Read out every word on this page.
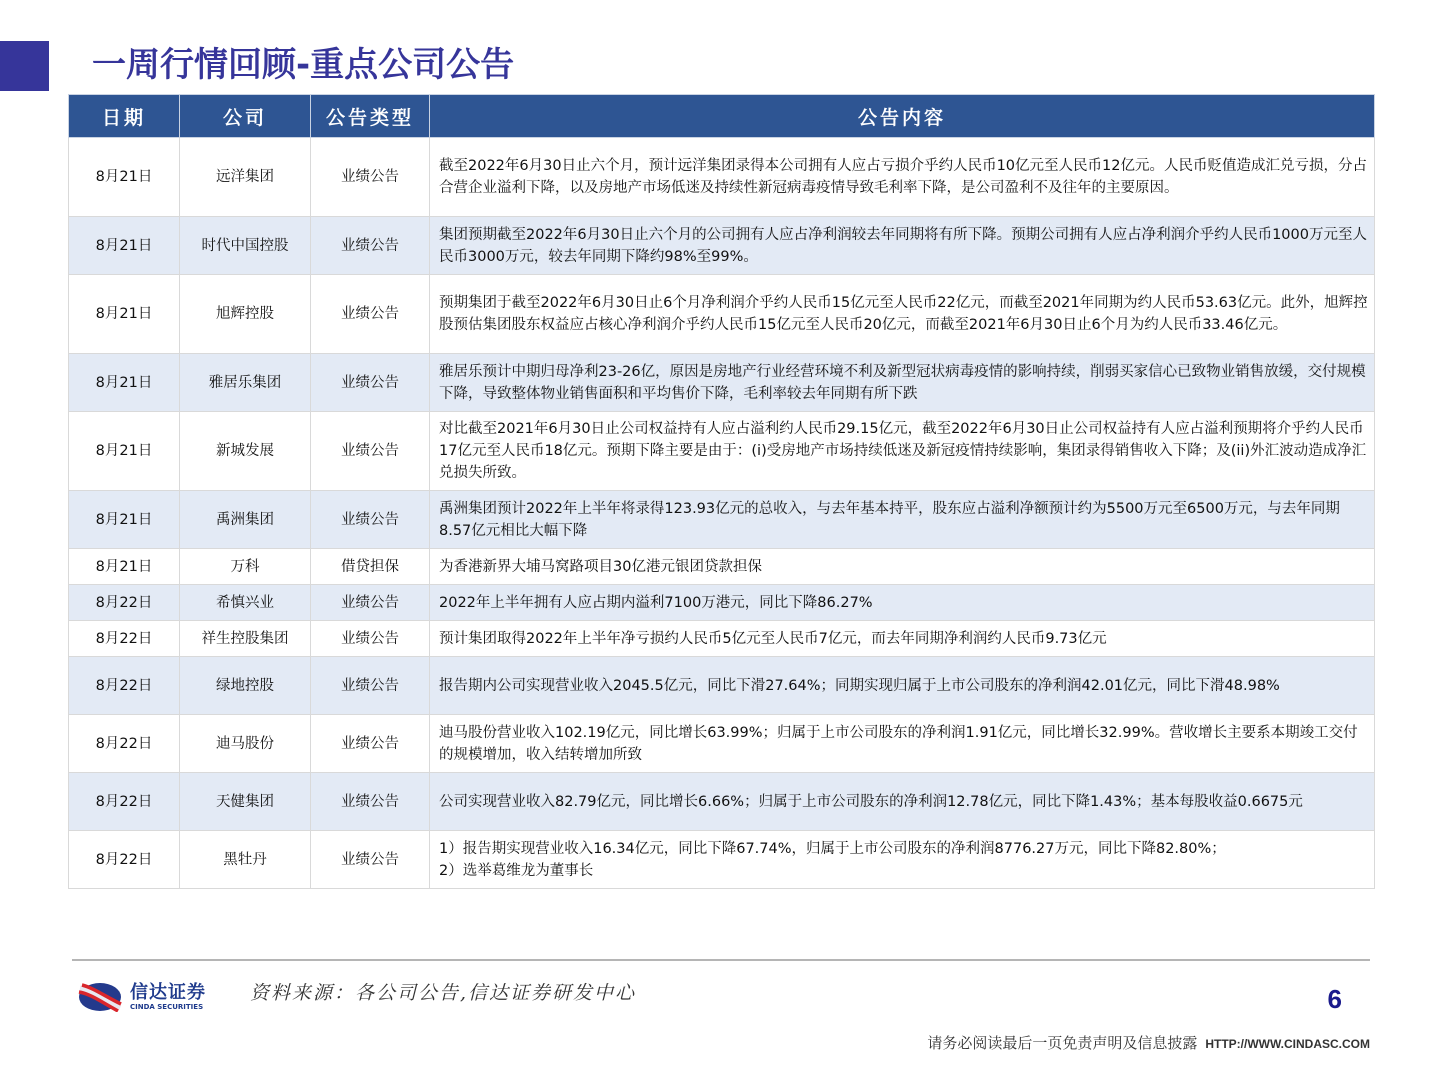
一周行情回顾-重点公司公告
日期	公司	公告类型	公告内容
8月21日	远洋集团	业绩公告	截至2022年6月30日止六个月，预计远洋集团录得本公司拥有人应占亏损介乎约人民币10亿元至人民币12亿元。人民币贬值造成汇兑亏损，分占合营企业溢利下降，以及房地产市场低迷及持续性新冠病毒疫情导致毛利率下降，是公司盈利不及往年的主要原因。
8月21日	时代中国控股	业绩公告	集团预期截至2022年6月30日止六个月的公司拥有人应占净利润较去年同期将有所下降。预期公司拥有人应占净利润介乎约人民币1000万元至人民币3000万元，较去年同期下降约98%至99%。
8月21日	旭辉控股	业绩公告	预期集团于截至2022年6月30日止6个月净利润介乎约人民币15亿元至人民币22亿元，而截至2021年同期为约人民币53.63亿元。此外，旭辉控股预估集团股东权益应占核心净利润介乎约人民币15亿元至人民币20亿元，而截至2021年6月30日止6个月为约人民币33.46亿元。
8月21日	雅居乐集团	业绩公告	雅居乐预计中期归母净利23-26亿，原因是房地产行业经营环境不利及新型冠状病毒疫情的影响持续，削弱买家信心已致物业销售放缓，交付规模下降，导致整体物业销售面积和平均售价下降，毛利率较去年同期有所下跌
8月21日	新城发展	业绩公告	对比截至2021年6月30日止公司权益持有人应占溢利约人民币29.15亿元，截至2022年6月30日止公司权益持有人应占溢利预期将介乎约人民币17亿元至人民币18亿元。预期下降主要是由于：(i)受房地产市场持续低迷及新冠疫情持续影响，集团录得销售收入下降；及(ii)外汇波动造成净汇兑损失所致。
8月21日	禹洲集团	业绩公告	禹洲集团预计2022年上半年将录得123.93亿元的总收入，与去年基本持平，股东应占溢利净额预计约为5500万元至6500万元，与去年同期8.57亿元相比大幅下降
8月21日	万科	借贷担保	为香港新界大埔马窝路项目30亿港元银团贷款担保
8月22日	希慎兴业	业绩公告	2022年上半年拥有人应占期内溢利7100万港元，同比下降86.27%
8月22日	祥生控股集团	业绩公告	预计集团取得2022年上半年净亏损约人民币5亿元至人民币7亿元，而去年同期净利润约人民币9.73亿元
8月22日	绿地控股	业绩公告	报告期内公司实现营业收入2045.5亿元，同比下滑27.64%；同期实现归属于上市公司股东的净利润42.01亿元，同比下滑48.98%
8月22日	迪马股份	业绩公告	迪马股份营业收入102.19亿元，同比增长63.99%；归属于上市公司股东的净利润1.91亿元，同比增长32.99%。营收增长主要系本期竣工交付的规模增加，收入结转增加所致
8月22日	天健集团	业绩公告	公司实现营业收入82.79亿元，同比增长6.66%；归属于上市公司股东的净利润12.78亿元，同比下降1.43%；基本每股收益0.6675元
8月22日	黑牡丹	业绩公告	1）报告期实现营业收入16.34亿元，同比下降67.74%，归属于上市公司股东的净利润8776.27万元，同比下降82.80%；
2）选举葛维龙为董事长
信达证券
CINDA SECURITIES
资料来源：各公司公告,信达证券研发中心	6
请务必阅读最后一页免责声明及信息披露 HTTP://WWW.CINDASC.COM
